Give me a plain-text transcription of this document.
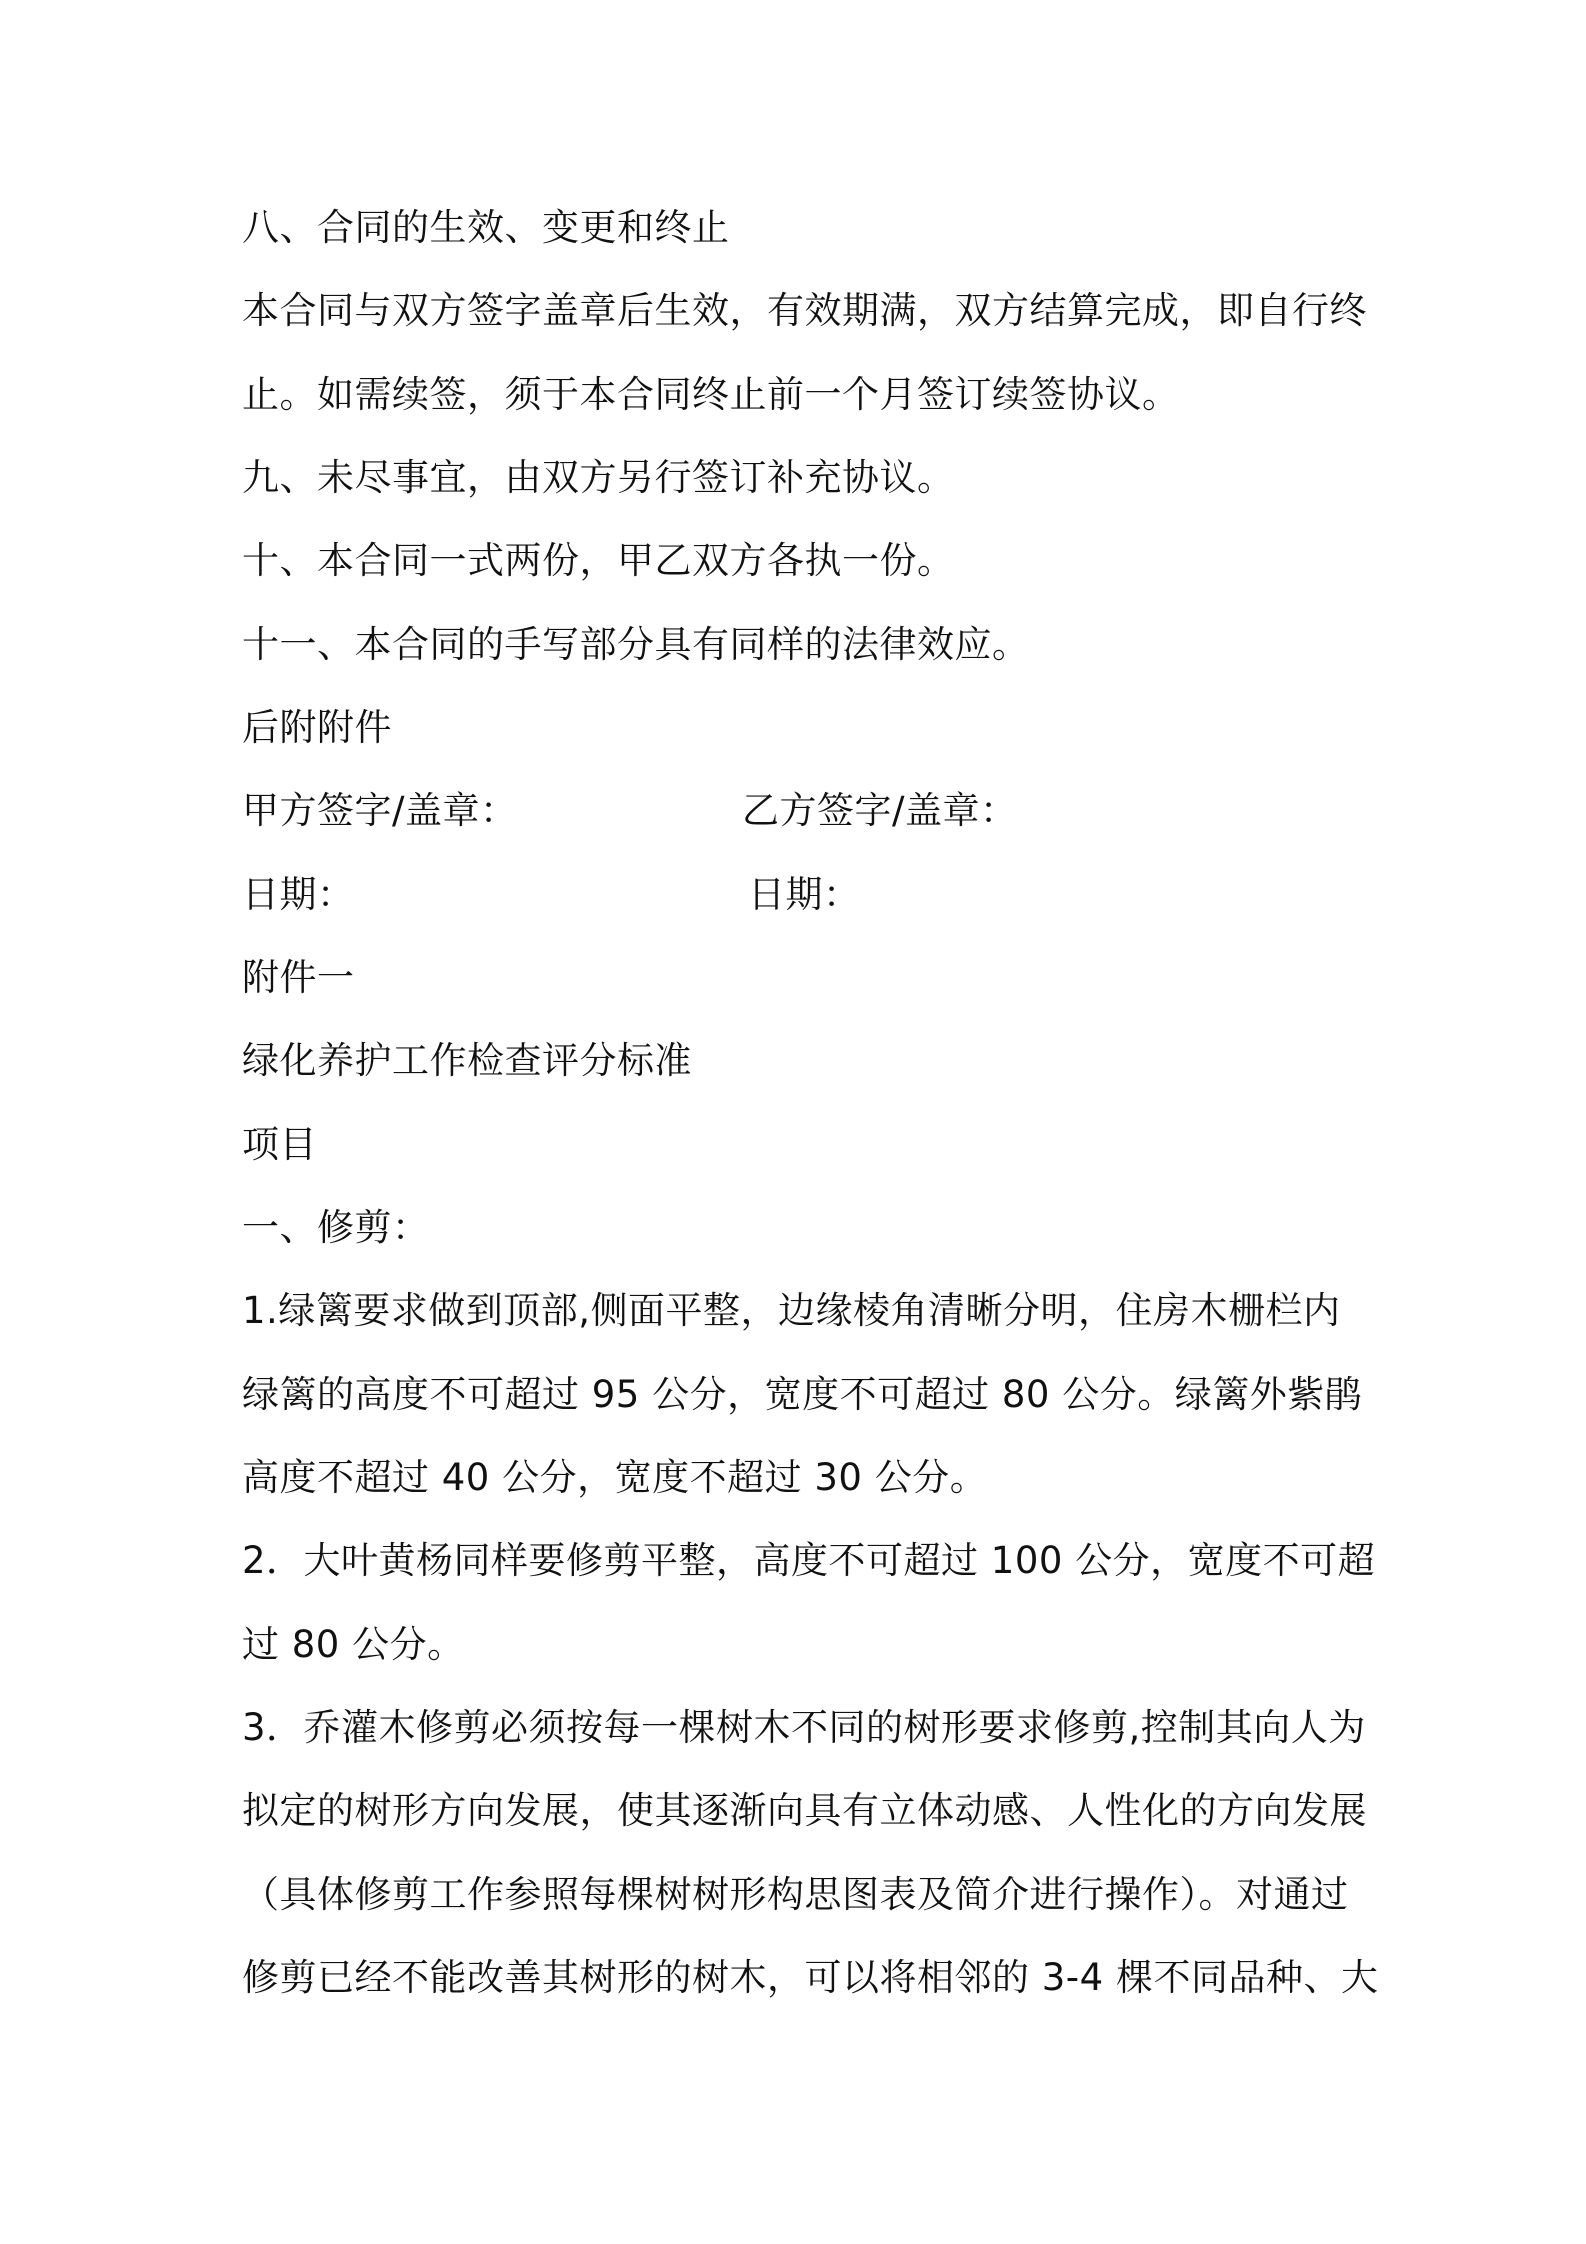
八、合同的生效、变更和终止
本合同与双方签字盖章后生效，有效期满，双方结算完成，即自行终
止。如需续签，须于本合同终止前一个月签订续签协议。
九、未尽事宜，由双方另行签订补充协议。
十、本合同一式两份，甲乙双方各执一份。
十一、本合同的手写部分具有同样的法律效应。
后附附件
甲方签字/盖章：	乙方签字/盖章：
日期：	日期：
附件一
绿化养护工作检查评分标准
项目
一、修剪：
1.绿篱要求做到顶部,侧面平整，边缘棱角清晰分明，住房木栅栏内
绿篱的高度不可超过 95 公分，宽度不可超过 80 公分。绿篱外紫鹃
高度不超过 40 公分，宽度不超过 30 公分。
2．大叶黄杨同样要修剪平整，高度不可超过 100 公分，宽度不可超
过 80 公分。
3．乔灌木修剪必须按每一棵树木不同的树形要求修剪,控制其向人为
拟定的树形方向发展，使其逐渐向具有立体动感、人性化的方向发展
（具体修剪工作参照每棵树树形构思图表及简介进行操作）。对通过
修剪已经不能改善其树形的树木，可以将相邻的 3-4 棵不同品种、大
